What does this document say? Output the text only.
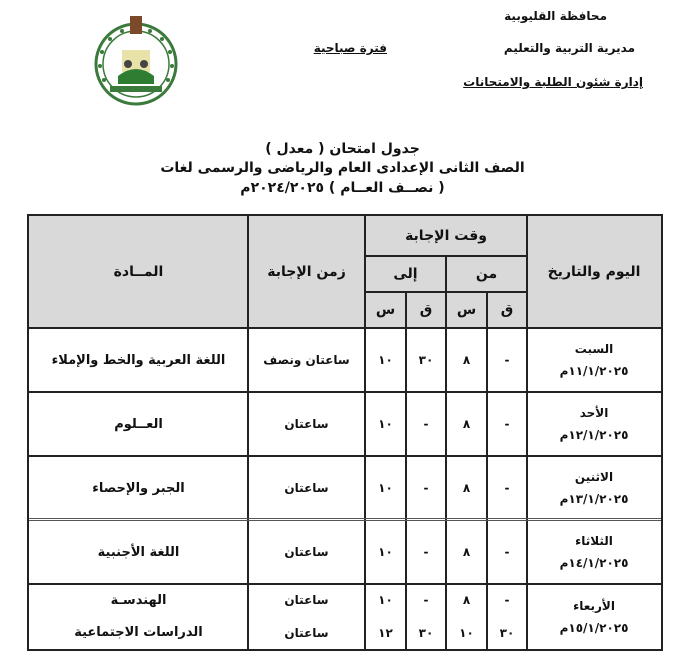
محافظة القليوبية
مديرية التربية والتعليم
إدارة شئون الطلبة والامتحانات
فترة صباحية
جدول امتحان ( معدل )
الصف الثانى الإعدادى العام والرياضى والرسمى لغات
( نصــف العــام ) ٢٠٢٤/٢٠٢٥م
اليوم والتاريخ
وقت الإجابة
من
إلى
ق
س
ق
س
زمن الإجابة
المــادة
السبت
١١/١/٢٠٢٥م
-
٨
٣٠
١٠
ساعتان ونصف
اللغة العربية والخط والإملاء
الأحد
١٢/١/٢٠٢٥م
-
٨
-
١٠
ساعتان
العــلوم
الاثنين
١٣/١/٢٠٢٥م
-
٨
-
١٠
ساعتان
الجبر والإحصاء
الثلاثاء
١٤/١/٢٠٢٥م
-
٨
-
١٠
ساعتان
اللغة الأجنبية
الأربعاء
١٥/١/٢٠٢٥م
-
٨
-
١٠
ساعتان
الهندسـة
٣٠
١٠
٣٠
١٢
ساعتان
الدراسات الاجتماعية
